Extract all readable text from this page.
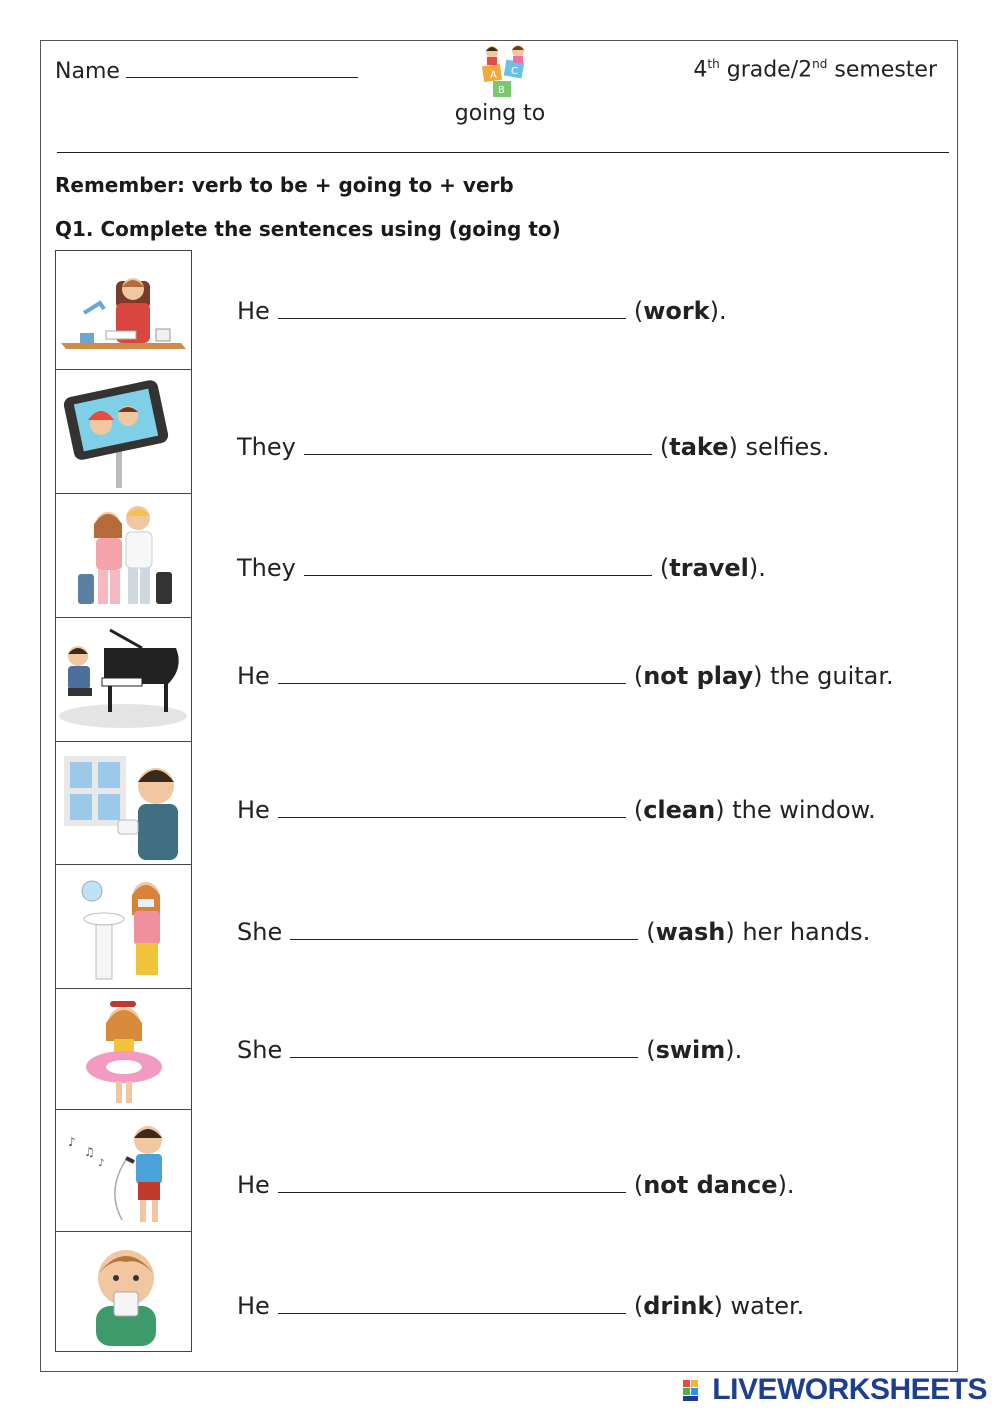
Name	A C
B
4th grade/2nd semester
going to
Remember: verb to be + going to + verb
Q1. Complete the sentences using (going to)
♪
♫
♪
He	(work).
They	(take) selfies.
They	(travel).
He	(not play) the guitar.
He	(clean) the window.
She	(wash) her hands.
She	(swim).
He	(not dance).
He	(drink) water.
LIVEWORKSHEETS
